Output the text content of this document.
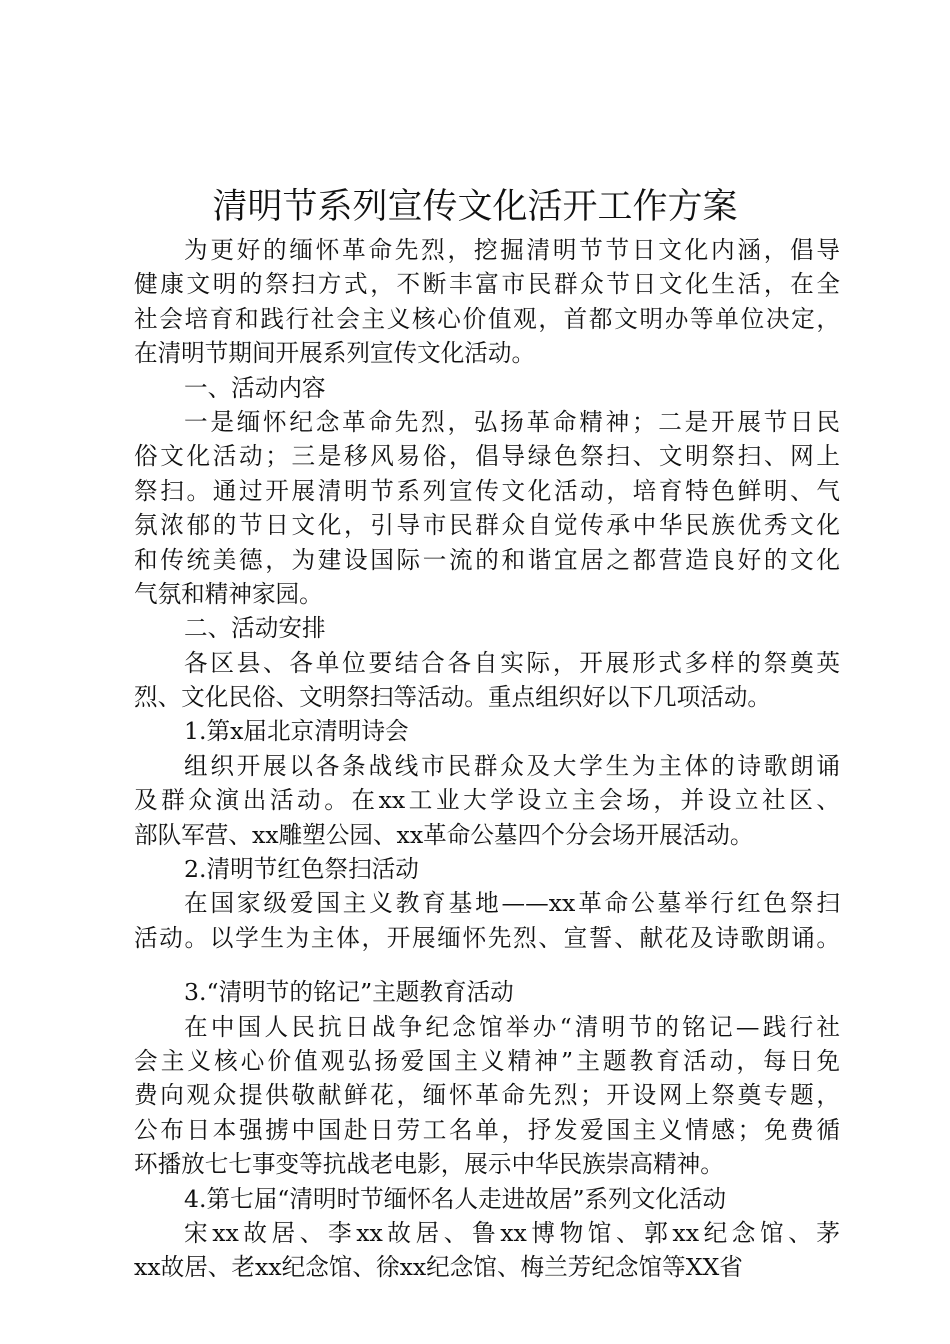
清明节系列宣传文化活开工作方案
为更好的缅怀革命先烈，挖掘清明节节日文化内涵，倡导
健康文明的祭扫方式，不断丰富市民群众节日文化生活，在全
社会培育和践行社会主义核心价值观，首都文明办等单位决定，
在清明节期间开展系列宣传文化活动。
一、活动内容
一是缅怀纪念革命先烈，弘扬革命精神；二是开展节日民
俗文化活动；三是移风易俗，倡导绿色祭扫、文明祭扫、网上
祭扫。通过开展清明节系列宣传文化活动，培育特色鲜明、气
氛浓郁的节日文化，引导市民群众自觉传承中华民族优秀文化
和传统美德，为建设国际一流的和谐宜居之都营造良好的文化
气氛和精神家园。
二、活动安排
各区县、各单位要结合各自实际，开展形式多样的祭奠英
烈、文化民俗、文明祭扫等活动。重点组织好以下几项活动。
1.第x届北京清明诗会
组织开展以各条战线市民群众及大学生为主体的诗歌朗诵
及群众演出活动。在xx工业大学设立主会场，并设立社区、
部队军营、xx雕塑公园、xx革命公墓四个分会场开展活动。
2.清明节红色祭扫活动
在国家级爱国主义教育基地——xx革命公墓举行红色祭扫
活动。以学生为主体，开展缅怀先烈、宣誓、献花及诗歌朗诵。
3.“清明节的铭记”主题教育活动
在中国人民抗日战争纪念馆举办“清明节的铭记—践行社
会主义核心价值观弘扬爱国主义精神”主题教育活动，每日免
费向观众提供敬献鲜花，缅怀革命先烈；开设网上祭奠专题，
公布日本强掳中国赴日劳工名单，抒发爱国主义情感；免费循
环播放七七事变等抗战老电影，展示中华民族崇高精神。
4.第七届“清明时节缅怀名人走进故居”系列文化活动
宋xx故居、李xx故居、鲁xx博物馆、郭xx纪念馆、茅
xx故居、老xx纪念馆、徐xx纪念馆、梅兰芳纪念馆等XX省
